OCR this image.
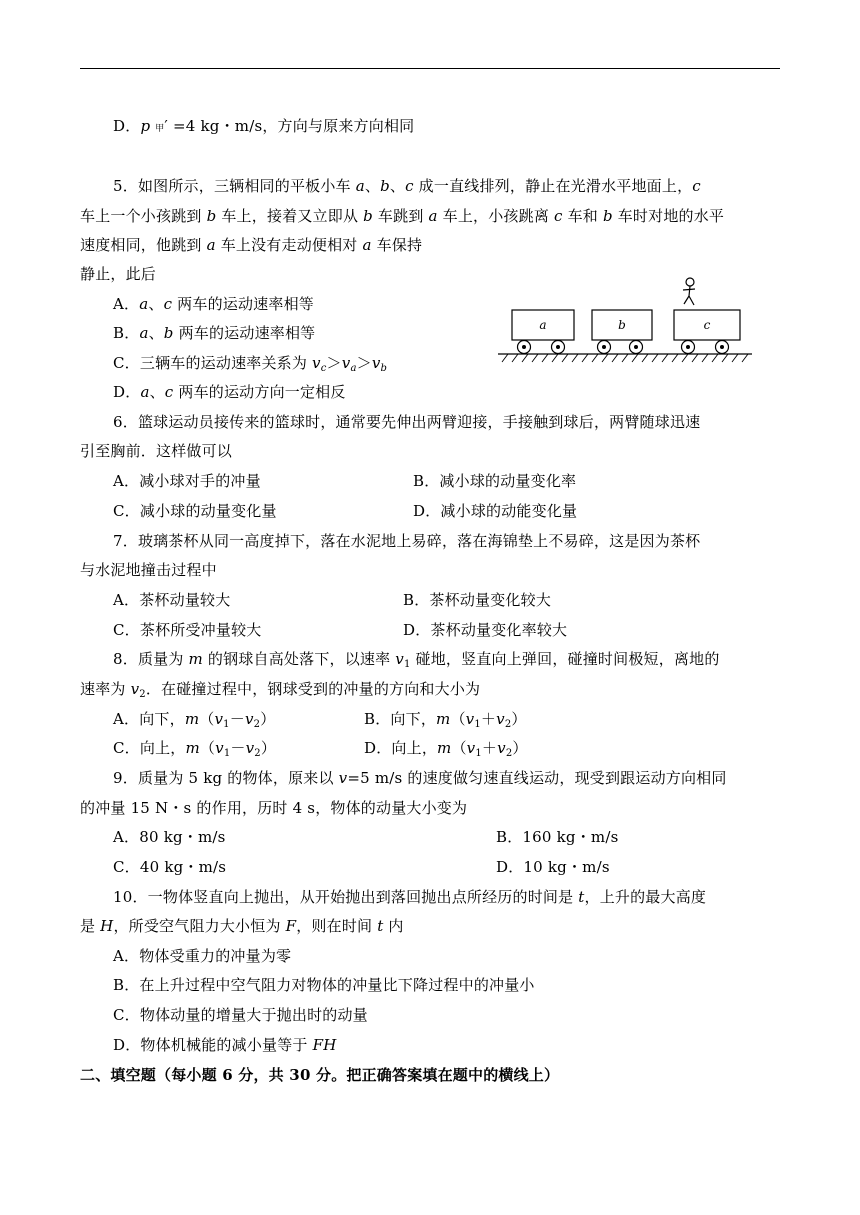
D．p 甲′ =4 kg・m/s，方向与原来方向相同
5．如图所示，三辆相同的平板小车 a、b、c 成一直线排列，静止在光滑水平地面上，c
车上一个小孩跳到 b 车上，接着又立即从 b 车跳到 a 车上，小孩跳离 c 车和 b 车时对地的水平
速度相同，他跳到 a 车上没有走动便相对 a 车保持
静止，此后
A．a、c 两车的运动速率相等
B．a、b 两车的运动速率相等
C．三辆车的运动速率关系为 $v_c>v_a>v_b$
D．a、c 两车的运动方向一定相反
a	b	c
6．篮球运动员接传来的篮球时，通常要先伸出两臂迎接，手接触到球后，两臂随球迅速
引至胸前．这样做可以
A．减小球对手的冲量	B．减小球的动量变化率
C．减小球的动量变化量	D．减小球的动能变化量
7．玻璃茶杯从同一高度掉下，落在水泥地上易碎，落在海锦垫上不易碎，这是因为茶杯
与水泥地撞击过程中
A．茶杯动量较大	B．茶杯动量变化较大
C．茶杯所受冲量较大	D．茶杯动量变化率较大
8．质量为 m 的钢球自高处落下，以速率 $v_1$ 碰地，竖直向上弹回，碰撞时间极短，离地的
速率为 $v_2$．在碰撞过程中，钢球受到的冲量的方向和大小为
A．向下，$m(v_1-v_2)$	B．向下，$m(v_1+v_2)$
C．向上，$m(v_1-v_2)$	D．向上，$m(v_1+v_2)$
9．质量为 5 kg 的物体，原来以 v=5 m/s 的速度做匀速直线运动，现受到跟运动方向相同
的冲量 15 N・s 的作用，历时 4 s，物体的动量大小变为
A．80 kg・m/s	B．160 kg・m/s
C．40 kg・m/s	D．10 kg・m/s
10．一物体竖直向上抛出，从开始抛出到落回抛出点所经历的时间是 t，上升的最大高度
是 H，所受空气阻力大小恒为 F，则在时间 t 内
A．物体受重力的冲量为零
B．在上升过程中空气阻力对物体的冲量比下降过程中的冲量小
C．物体动量的增量大于抛出时的动量
D．物体机械能的减小量等于 FH
二、填空题（每小题 6 分，共 30 分。把正确答案填在题中的横线上）
